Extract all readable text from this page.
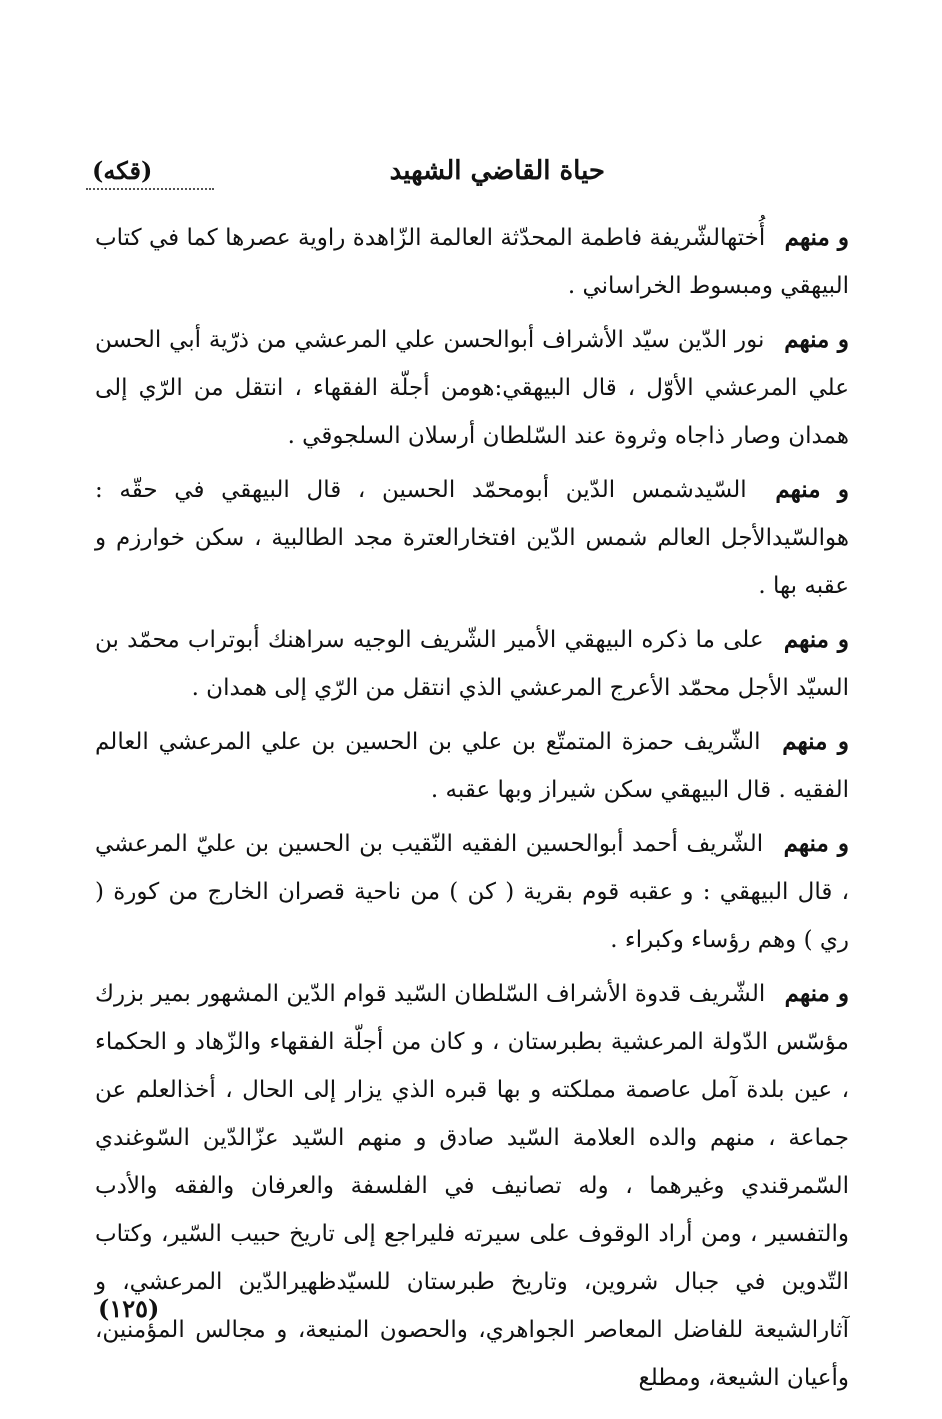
حياة القاضي الشهيد
(قكه)

و منهم أُختهالشّريفة فاطمة المحدّثة العالمة الزّاهدة راوية عصرها كما في كتاب البيهقي ومبسوط الخراساني .

و منهم نور الدّين سيّد الأشراف أبوالحسن علي المرعشي من ذرّية أبي الحسن علي المرعشي الأوّل ، قال البيهقي:هومن أجلّة الفقهاء ، انتقل من الرّي إلى همدان وصار ذاجاه وثروة عند السّلطان أرسلان السلجوقي .

و منهم السّيدشمس الدّين أبومحمّد الحسين ، قال البيهقي في حقّه : هوالسّيدالأجل العالم شمس الدّين افتخارالعترة مجد الطالبية ، سكن خوارزم و عقبه بها .

و منهم على ما ذكره البيهقي الأمير الشّريف الوجيه سراهنك أبوتراب محمّد بن السيّد الأجل محمّد الأعرج المرعشي الذي انتقل من الرّي إلى همدان .

و منهم الشّريف حمزة المتمتّع بن علي بن الحسين بن علي المرعشي العالم الفقيه . قال البيهقي سكن شيراز وبها عقبه .

و منهم الشّريف أحمد أبوالحسين الفقيه النّقيب بن الحسين بن عليّ المرعشي ، قال البيهقي : و عقبه قوم بقرية ( كن ) من ناحية قصران الخارج من كورة ( ري ) وهم رؤساء وكبراء .

و منهم الشّريف قدوة الأشراف السّلطان السّيد قوام الدّين المشهور بمير بزرك مؤسّس الدّولة المرعشية بطبرستان ، و كان من أجلّة الفقهاء والزّهاد و الحكماء ، عين بلدة آمل عاصمة مملكته و بها قبره الذي يزار إلى الحال ، أخذالعلم عن جماعة ، منهم والده العلامة السّيد صادق و منهم السّيد عزّالدّين السّوغندي السّمرقندي وغيرهما ، وله تصانيف في الفلسفة والعرفان والفقه والأدب والتفسير ، ومن أراد الوقوف على سيرته فليراجع إلى تاريخ حبيب السّير، وكتاب التّدوين في جبال شروين، وتاريخ طبرستان للسيّدظهيرالدّين المرعشي، و آثارالشيعة للفاضل المعاصر الجواهري، والحصون المنيعة، و مجالس المؤمنين، وأعيان الشيعة، ومطلع

(١٢٥)
